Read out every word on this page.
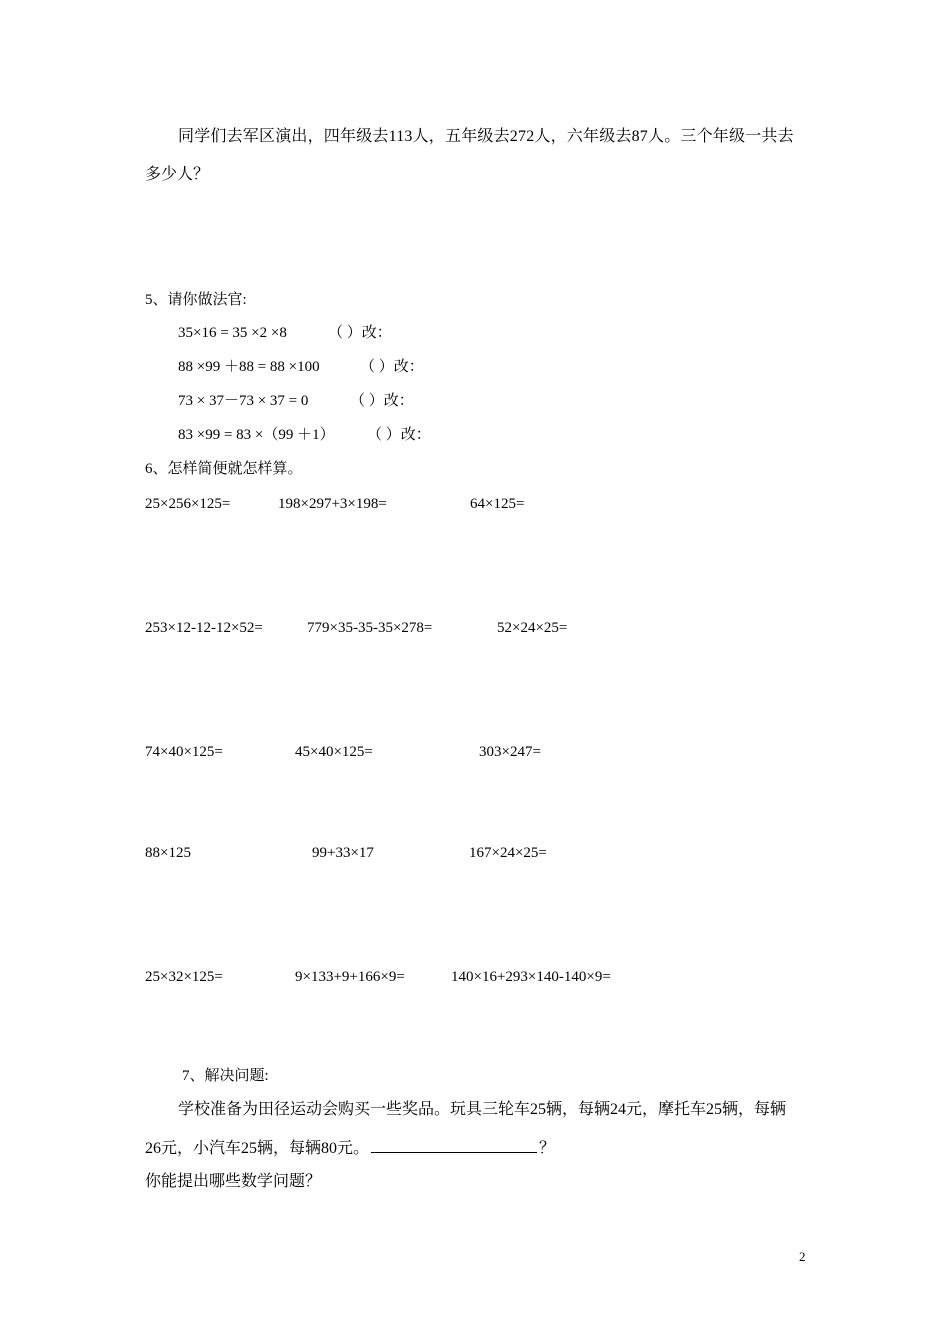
同学们去军区演出，四年级去113人，五年级去272人，六年级去87人。三个年级一共去
多少人？
5、请你做法官:
35×16 = 35 ×2 ×8	（ ）改：
88 ×99 ＋88 = 88 ×100	（ ）改：
73 × 37－73 × 37 = 0	（ ）改：
83 ×99 = 83 ×（99 ＋1） （ ）改：
6、怎样简便就怎样算。
25×256×125=	198×297+3×198=	64×125=
253×12-12-12×52=	779×35-35-35×278=	52×24×25=
74×40×125=	45×40×125=	303×247=
88×125	99+33×17	167×24×25=
25×32×125=	9×133+9+166×9=	140×16+293×140-140×9=
7、解决问题:
学校准备为田径运动会购买一些奖品。玩具三轮车25辆，每辆24元，摩托车25辆，每辆
26元，小汽车25辆，每辆80元。	？
你能提出哪些数学问题？
2
